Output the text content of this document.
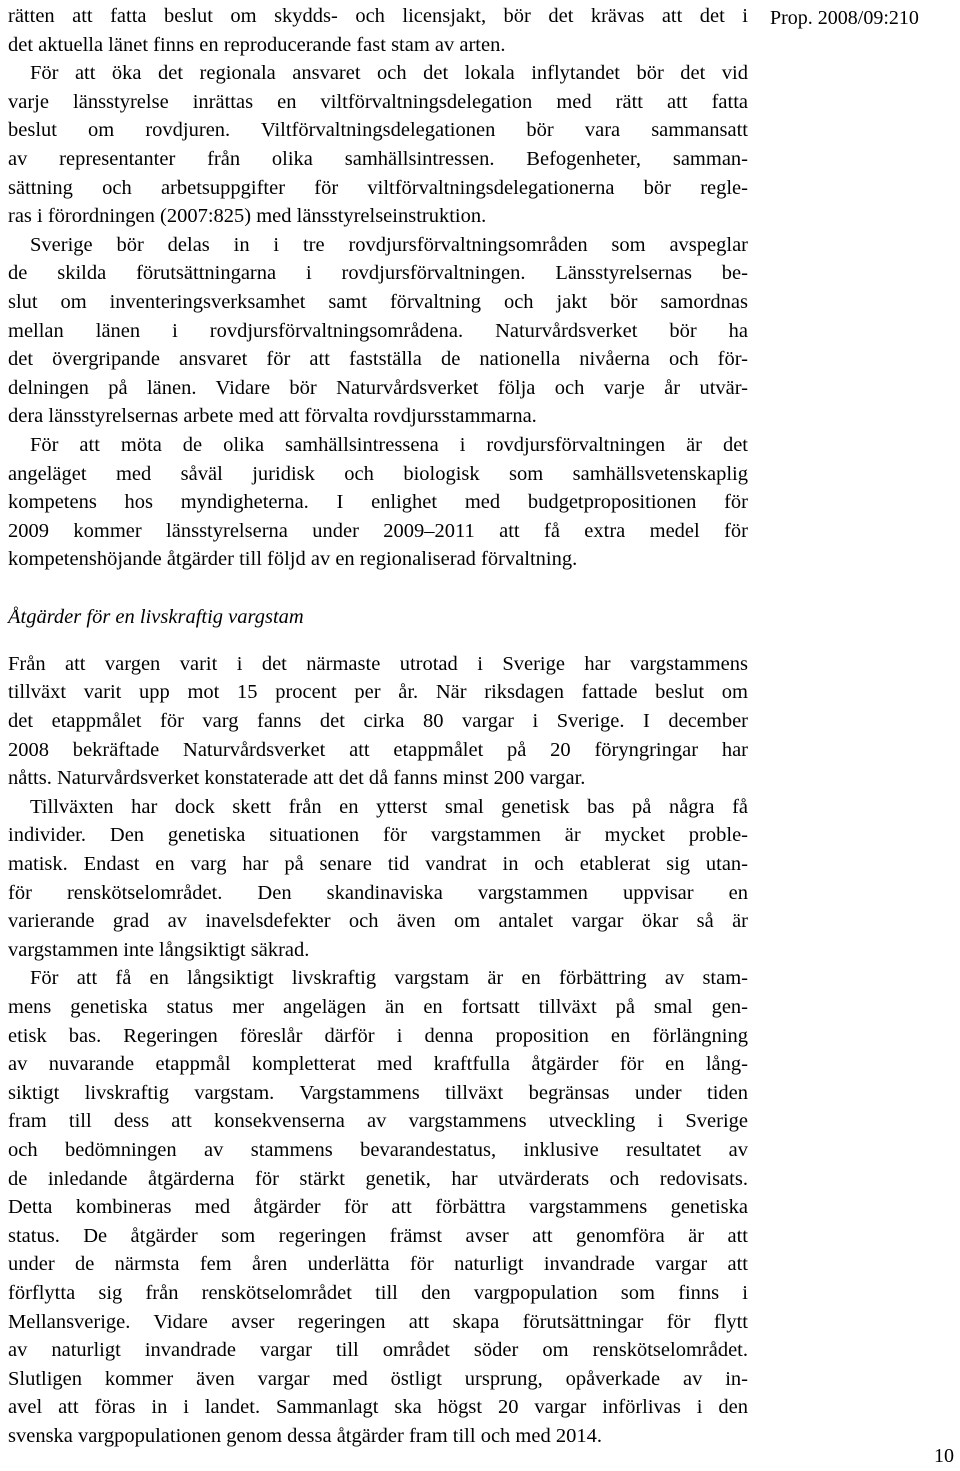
Prop. 2008/09:210
rätten att fatta beslut om skydds- och licensjakt, bör det krävas att det i
det aktuella länet finns en reproducerande fast stam av arten.
För att öka det regionala ansvaret och det lokala inflytandet bör det vid
varje länsstyrelse inrättas en viltförvaltningsdelegation med rätt att fatta
beslut om rovdjuren. Viltförvaltningsdelegationen bör vara sammansatt
av representanter från olika samhällsintressen. Befogenheter, samman-
sättning och arbetsuppgifter för viltförvaltningsdelegationerna bör regle-
ras i förordningen (2007:825) med länsstyrelseinstruktion.
Sverige bör delas in i tre rovdjursförvaltningsområden som avspeglar
de skilda förutsättningarna i rovdjursförvaltningen. Länsstyrelsernas be-
slut om inventeringsverksamhet samt förvaltning och jakt bör samordnas
mellan länen i rovdjursförvaltningsområdena. Naturvårdsverket bör ha
det övergripande ansvaret för att fastställa de nationella nivåerna och för-
delningen på länen. Vidare bör Naturvårdsverket följa och varje år utvär-
dera länsstyrelsernas arbete med att förvalta rovdjursstammarna.
För att möta de olika samhällsintressena i rovdjursförvaltningen är det
angeläget med såväl juridisk och biologisk som samhällsvetenskaplig
kompetens hos myndigheterna. I enlighet med budgetpropositionen för
2009 kommer länsstyrelserna under 2009–2011 att få extra medel för
kompetenshöjande åtgärder till följd av en regionaliserad förvaltning.
Åtgärder för en livskraftig vargstam
Från att vargen varit i det närmaste utrotad i Sverige har vargstammens
tillväxt varit upp mot 15 procent per år. När riksdagen fattade beslut om
det etappmålet för varg fanns det cirka 80 vargar i Sverige. I december
2008 bekräftade Naturvårdsverket att etappmålet på 20 föryngringar har
nåtts. Naturvårdsverket konstaterade att det då fanns minst 200 vargar.
Tillväxten har dock skett från en ytterst smal genetisk bas på några få
individer. Den genetiska situationen för vargstammen är mycket proble-
matisk. Endast en varg har på senare tid vandrat in och etablerat sig utan-
för renskötselområdet. Den skandinaviska vargstammen uppvisar en
varierande grad av inavelsdefekter och även om antalet vargar ökar så är
vargstammen inte långsiktigt säkrad.
För att få en långsiktigt livskraftig vargstam är en förbättring av stam-
mens genetiska status mer angelägen än en fortsatt tillväxt på smal gen-
etisk bas. Regeringen föreslår därför i denna proposition en förlängning
av nuvarande etappmål kompletterat med kraftfulla åtgärder för en lång-
siktigt livskraftig vargstam. Vargstammens tillväxt begränsas under tiden
fram till dess att konsekvenserna av vargstammens utveckling i Sverige
och bedömningen av stammens bevarandestatus, inklusive resultatet av
de inledande åtgärderna för stärkt genetik, har utvärderats och redovisats.
Detta kombineras med åtgärder för att förbättra vargstammens genetiska
status. De åtgärder som regeringen främst avser att genomföra är att
under de närmsta fem åren underlätta för naturligt invandrade vargar att
förflytta sig från renskötselområdet till den vargpopulation som finns i
Mellansverige. Vidare avser regeringen att skapa förutsättningar för flytt
av naturligt invandrade vargar till området söder om renskötselområdet.
Slutligen kommer även vargar med östligt ursprung, opåverkade av in-
avel att föras in i landet. Sammanlagt ska högst 20 vargar införlivas i den
svenska vargpopulationen genom dessa åtgärder fram till och med 2014.
10
